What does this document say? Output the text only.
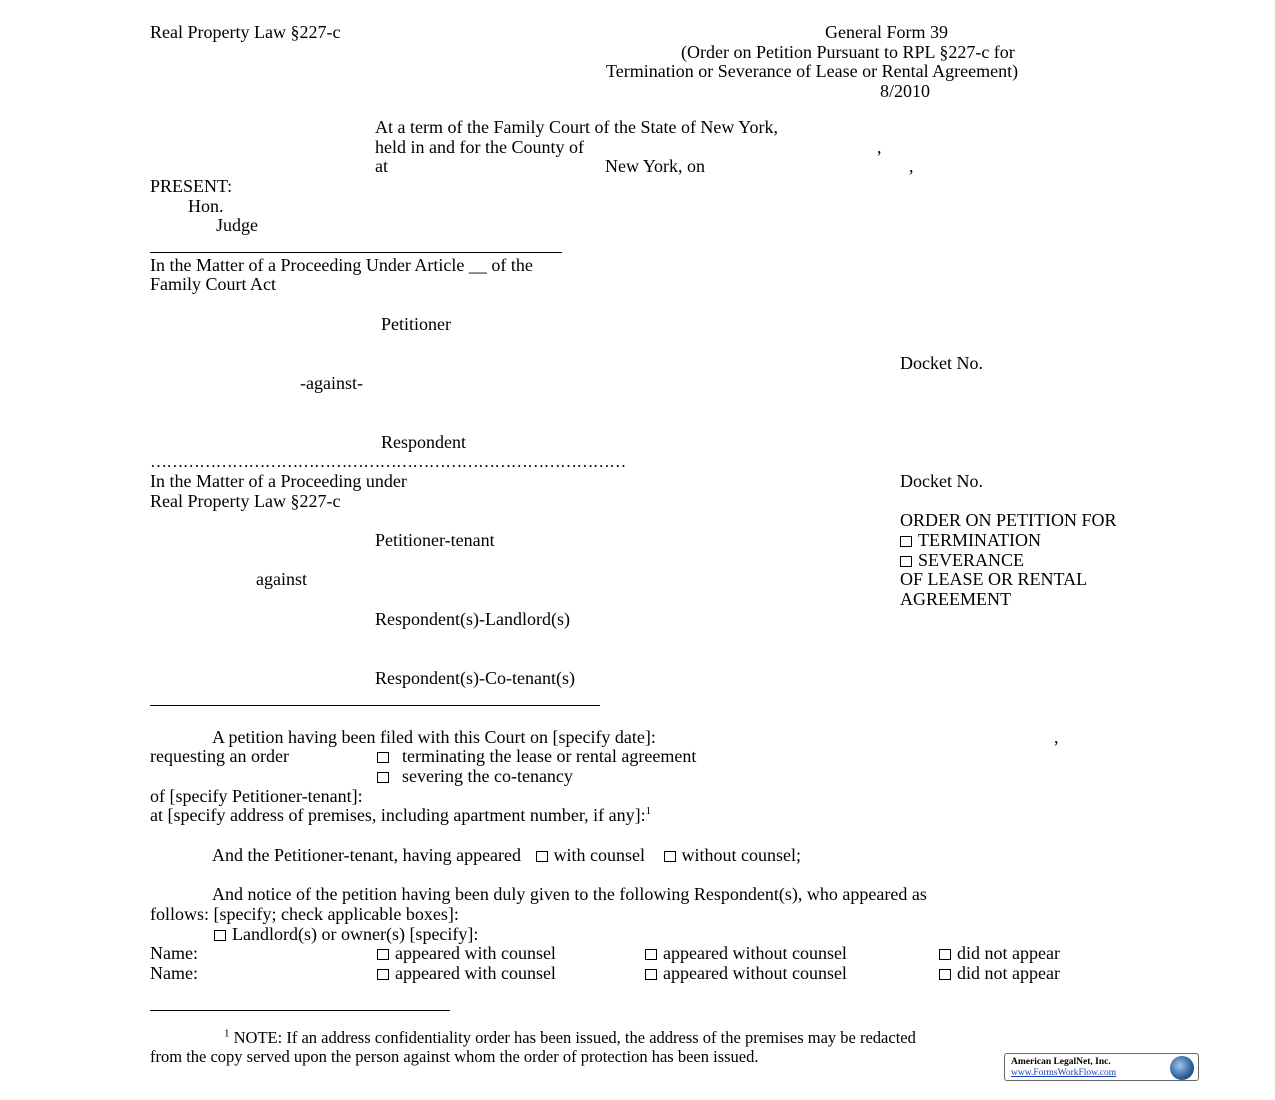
Real Property Law §227-c	General Form 39
(Order on Petition Pursuant to RPL §227-c for
Termination or Severance of Lease or Rental Agreement)
8/2010
At a term of the Family Court of the State of New York,
held in and for the County of	,
at	New York, on	,
PRESENT:
Hon.
Judge
In the Matter of a Proceeding Under Article __ of the
Family Court Act
Petitioner
Docket No.
-against-
Respondent
……………………………………………………………………………
In the Matter of a Proceeding under
Real Property Law §227-c
Docket No.
Petitioner-tenant
against
Respondent(s)-Landlord(s)
Respondent(s)-Co-tenant(s)
ORDER ON PETITION FOR
TERMINATION
SEVERANCE
OF LEASE OR RENTAL
AGREEMENT
A petition having been filed with this Court on [specify date]:	,
requesting an order	terminating the lease or rental agreement
severing the co-tenancy
of [specify Petitioner-tenant]:
at [specify address of premises, including apartment number, if any]:$^1$
And the Petitioner-tenant, having appeared with counsel without counsel;
And notice of the petition having been duly given to the following Respondent(s), who appeared as
follows: [specify; check applicable boxes]:
Landlord(s) or owner(s) [specify]:
Name:	appeared with counsel	appeared without counsel	did not appear
Name:	appeared with counsel	appeared without counsel	did not appear
$^1$ NOTE: If an address confidentiality order has been issued, the address of the premises may be redacted
from the copy served upon the person against whom the order of protection has been issued.	American LegalNet, Inc.
www.FormsWorkFlow.com
